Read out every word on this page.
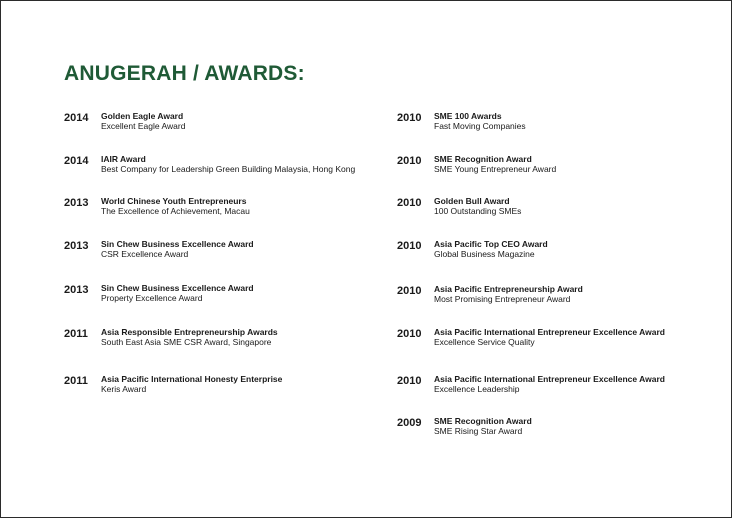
ANUGERAH / AWARDS:
2014 Golden Eagle Award
Excellent Eagle Award
2014 IAIR Award
Best Company for Leadership Green Building Malaysia, Hong Kong
2013 World Chinese Youth Entrepreneurs
The Excellence of Achievement, Macau
2013 Sin Chew Business Excellence Award
CSR Excellence Award
2013 Sin Chew Business Excellence Award
Property Excellence Award
2011 Asia Responsible Entrepreneurship Awards
South East Asia SME CSR Award, Singapore
2011 Asia Pacific International Honesty Enterprise
Keris Award
2010 SME 100 Awards
Fast Moving Companies
2010 SME Recognition Award
SME Young Entrepreneur Award
2010 Golden Bull Award
100 Outstanding SMEs
2010 Asia Pacific Top CEO Award
Global Business Magazine
2010 Asia Pacific Entrepreneurship Award
Most Promising Entrepreneur Award
2010 Asia Pacific International Entrepreneur Excellence Award
Excellence Service Quality
2010 Asia Pacific International Entrepreneur Excellence Award
Excellence Leadership
2009 SME Recognition Award
SME Rising Star Award
